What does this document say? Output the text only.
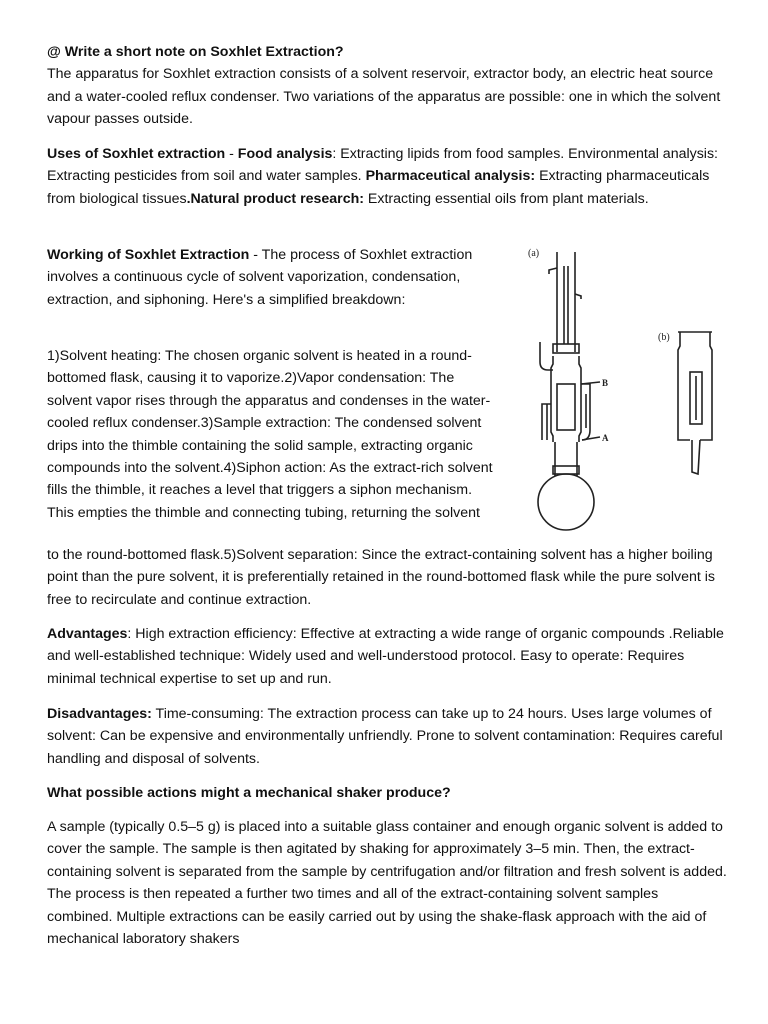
@ Write a short note on Soxhlet Extraction?
The apparatus for Soxhlet extraction consists of a solvent reservoir, extractor body, an electric heat source and a water-cooled reflux condenser. Two variations of the apparatus are possible: one in which the solvent vapour passes outside.

Uses of Soxhlet extraction - Food analysis: Extracting lipids from food samples. Environmental analysis: Extracting pesticides from soil and water samples. Pharmaceutical analysis: Extracting pharmaceuticals from biological tissues.Natural product research: Extracting essential oils from plant materials.

Working of Soxhlet Extraction - The process of Soxhlet extraction involves a continuous cycle of solvent vaporization, condensation, extraction, and siphoning. Here's a simplified breakdown:

1)Solvent heating: The chosen organic solvent is heated in a round-bottomed flask, causing it to vaporize.2)Vapor condensation: The solvent vapor rises through the apparatus and condenses in the water-cooled reflux condenser.3)Sample extraction: The condensed solvent drips into the thimble containing the solid sample, extracting organic compounds into the solvent.4)Siphon action: As the extract-rich solvent fills the thimble, it reaches a level that triggers a siphon mechanism. This empties the thimble and connecting tubing, returning the solvent

to the round-bottomed flask.5)Solvent separation: Since the extract-containing solvent has a higher boiling point than the pure solvent, it is preferentially retained in the round-bottomed flask while the pure solvent is free to recirculate and continue extraction.

Advantages: High extraction efficiency: Effective at extracting a wide range of organic compounds .Reliable and well-established technique: Widely used and well-understood protocol. Easy to operate: Requires minimal technical expertise to set up and run.

Disadvantages: Time-consuming: The extraction process can take up to 24 hours. Uses large volumes of solvent: Can be expensive and environmentally unfriendly. Prone to solvent contamination: Requires careful handling and disposal of solvents.

What possible actions might a mechanical shaker produce?

A sample (typically 0.5–5 g) is placed into a suitable glass container and enough organic solvent is added to cover the sample. The sample is then agitated by shaking for approximately 3–5 min. Then, the extract-containing solvent is separated from the sample by centrifugation and/or filtration and fresh solvent is added. The process is then repeated a further two times and all of the extract-containing solvent samples combined. Multiple extractions can be easily carried out by using the shake-flask approach with the aid of mechanical laboratory shakers

(a)
(b)
B
A
